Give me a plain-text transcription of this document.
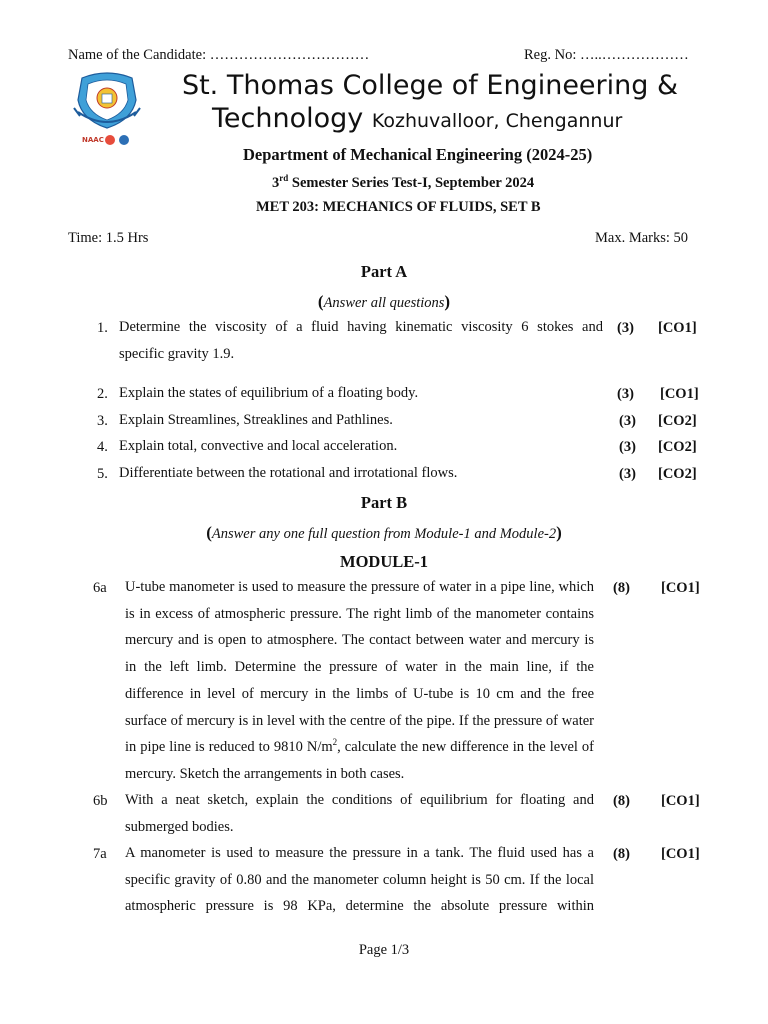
Name of the Candidate: ……………………………	Reg. No: …..………………
NAAC
St. Thomas College of Engineering &
Technology Kozhuvalloor, Chengannur
Department of Mechanical Engineering (2024-25)
3rd Semester Series Test-I, September 2024
MET 203: MECHANICS OF FLUIDS, SET B
Time: 1.5 Hrs	Max. Marks: 50
Part A
(Answer all questions)
1. Determine the viscosity of a fluid having kinematic viscosity 6 stokes and
specific gravity 1.9.
(3) [CO1]
2. Explain the states of equilibrium of a floating body.	(3) [CO1]
3. Explain Streamlines, Streaklines and Pathlines.	(3) [CO2]
4. Explain total, convective and local acceleration.	(3) [CO2]
5. Differentiate between the rotational and irrotational flows.	(3) [CO2]
Part B
(Answer any one full question from Module-1 and Module-2)
MODULE-1
6a U-tube manometer is used to measure the pressure of water in a pipe line, which is in excess of atmospheric pressure. The right limb of the manometer contains mercury and is open to atmosphere. The contact between water and mercury is in the left limb. Determine the pressure of water in the main line, if the difference in level of mercury in the limbs of U-tube is 10 cm and the free surface of mercury is in level with the centre of the pipe. If the pressure of water in pipe line is reduced to 9810 $N/m^2$, calculate the new difference in the level of mercury. Sketch the arrangements in both cases.
(8) [CO1]
6b With a neat sketch, explain the conditions of equilibrium for floating and submerged bodies.
(8) [CO1]
7a A manometer is used to measure the pressure in a tank. The fluid used has a specific gravity of 0.80 and the manometer column height is 50 cm. If the local atmospheric pressure is 98 KPa, determine the absolute pressure within
(8) [CO1]
Page 1/3
